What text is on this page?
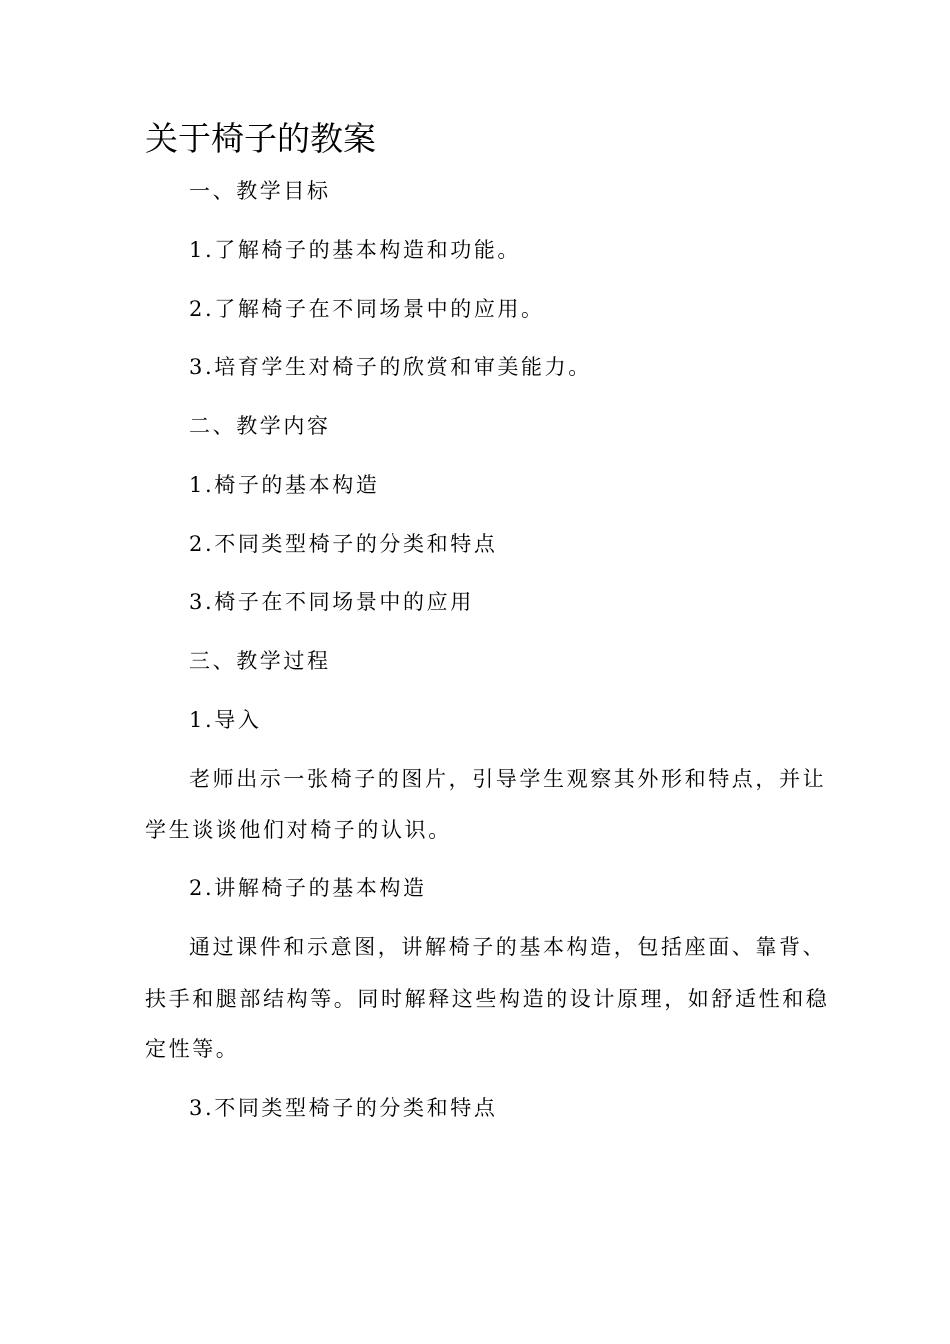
关于椅子的教案

一、教学目标

1.了解椅子的基本构造和功能。

2.了解椅子在不同场景中的应用。

3.培育学生对椅子的欣赏和审美能力。

二、教学内容

1.椅子的基本构造

2.不同类型椅子的分类和特点

3.椅子在不同场景中的应用

三、教学过程

1.导入

老师出示一张椅子的图片，引导学生观察其外形和特点，并让

学生谈谈他们对椅子的认识。

2.讲解椅子的基本构造

通过课件和示意图，讲解椅子的基本构造，包括座面、靠背、

扶手和腿部结构等。同时解释这些构造的设计原理，如舒适性和稳

定性等。

3.不同类型椅子的分类和特点
